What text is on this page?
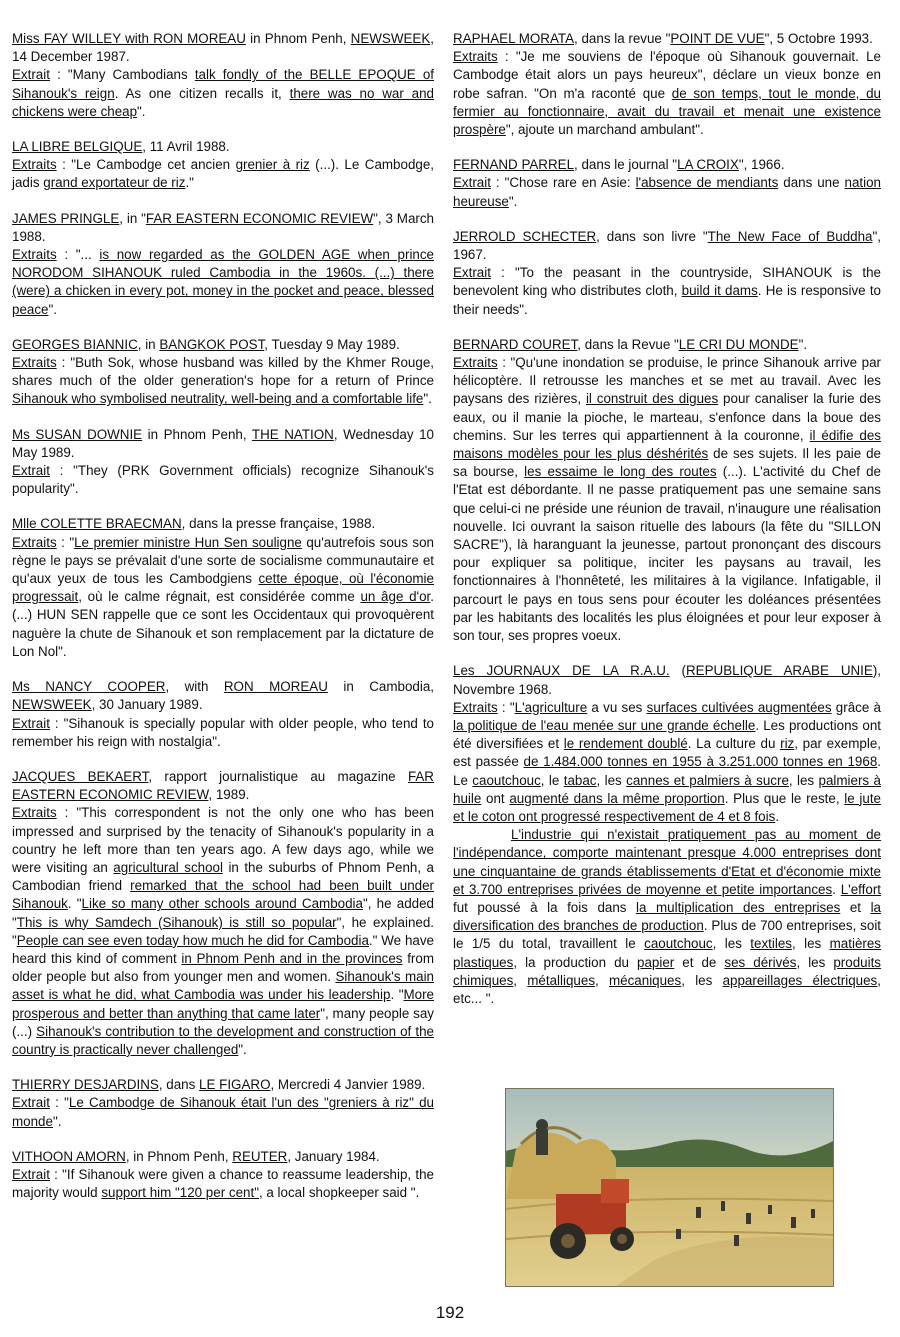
Miss FAY WILLEY with RON MOREAU in Phnom Penh, NEWSWEEK, 14 December 1987.

Extrait : "Many Cambodians talk fondly of the BELLE EPOQUE of Sihanouk's reign. As one citizen recalls it, there was no war and chickens were cheap".

LA LIBRE BELGIQUE, 11 Avril 1988.

Extraits : "Le Cambodge cet ancien grenier à riz (...). Le Cambodge, jadis grand exportateur de riz."

JAMES PRINGLE, in "FAR EASTERN ECONOMIC REVIEW", 3 March 1988.

Extraits : "... is now regarded as the GOLDEN AGE when prince NORODOM SIHANOUK ruled Cambodia in the 1960s. (...) there (were) a chicken in every pot, money in the pocket and peace, blessed peace".

GEORGES BIANNIC, in BANGKOK POST, Tuesday 9 May 1989.

Extraits : "Buth Sok, whose husband was killed by the Khmer Rouge, shares much of the older generation's hope for a return of Prince Sihanouk who symbolised neutrality, well-being and a comfortable life".

Ms SUSAN DOWNIE in Phnom Penh, THE NATION, Wednesday 10 May 1989.

Extrait : "They (PRK Government officials) recognize Sihanouk's popularity".

Mlle COLETTE BRAECMAN, dans la presse française, 1988.

Extraits : "Le premier ministre Hun Sen souligne qu'autrefois sous son règne le pays se prévalait d'une sorte de socialisme communautaire et qu'aux yeux de tous les Cambodgiens cette époque, où l'économie progressait, où le calme régnait, est considérée comme un âge d'or. (...) HUN SEN rappelle que ce sont les Occidentaux qui provoquèrent naguère la chute de Sihanouk et son remplacement par la dictature de Lon Nol".

Ms NANCY COOPER, with RON MOREAU in Cambodia, NEWSWEEK, 30 January 1989.

Extrait : "Sihanouk is specially popular with older people, who tend to remember his reign with nostalgia".

JACQUES BEKAERT, rapport journalistique au magazine FAR EASTERN ECONOMIC REVIEW, 1989.

Extraits : "This correspondent is not the only one who has been impressed and surprised by the tenacity of Sihanouk's popularity in a country he left more than ten years ago. A few days ago, while we were visiting an agricultural school in the suburbs of Phnom Penh, a Cambodian friend remarked that the school had been built under Sihanouk. "Like so many other schools around Cambodia", he added "This is why Samdech (Sihanouk) is still so popular", he explained. "People can see even today how much he did for Cambodia." We have heard this kind of comment in Phnom Penh and in the provinces from older people but also from younger men and women. Sihanouk's main asset is what he did, what Cambodia was under his leadership. "More prosperous and better than anything that came later", many people say (...) Sihanouk's contribution to the development and construction of the country is practically never challenged".

THIERRY DESJARDINS, dans LE FIGARO, Mercredi 4 Janvier 1989.

Extrait : "Le Cambodge de Sihanouk était l'un des "greniers à riz" du monde".

VITHOON AMORN, in Phnom Penh, REUTER, January 1984.

Extrait : "If Sihanouk were given a chance to reassume leadership, the majority would support him "120 per cent", a local shopkeeper said ".

RAPHAEL MORATA, dans la revue "POINT DE VUE", 5 Octobre 1993.

Extraits : "Je me souviens de l'époque où Sihanouk gouvernait. Le Cambodge était alors un pays heureux", déclare un vieux bonze en robe safran. "On m'a raconté que de son temps, tout le monde, du fermier au fonctionnaire, avait du travail et menait une existence prospère", ajoute un marchand ambulant".

FERNAND PARREL, dans le journal "LA CROIX", 1966.

Extrait : "Chose rare en Asie: l'absence de mendiants dans une nation heureuse".

JERROLD SCHECTER, dans son livre "The New Face of Buddha", 1967.

Extrait : "To the peasant in the countryside, SIHANOUK is the benevolent king who distributes cloth, build it dams. He is responsive to their needs".

BERNARD COURET, dans la Revue "LE CRI DU MONDE".

Extraits : "Qu'une inondation se produise, le prince Sihanouk arrive par hélicoptère. Il retrousse les manches et se met au travail. Avec les paysans des rizières, il construit des digues pour canaliser la furie des eaux, ou il manie la pioche, le marteau, s'enfonce dans la boue des chemins. Sur les terres qui appartiennent à la couronne, il édifie des maisons modèles pour les plus déshérités de ses sujets. Il les paie de sa bourse, les essaime le long des routes (...). L'activité du Chef de l'Etat est débordante. Il ne passe pratiquement pas une semaine sans que celui-ci ne préside une réunion de travail, n'inaugure une réalisation nouvelle. Ici ouvrant la saison rituelle des labours (la fête du "SILLON SACRE"), là haranguant la jeunesse, partout prononçant des discours pour expliquer sa politique, inciter les paysans au travail, les fonctionnaires à l'honnêteté, les militaires à la vigilance. Infatigable, il parcourt le pays en tous sens pour écouter les doléances présentées par les habitants des localités les plus éloignées et pour leur exposer à son tour, ses propres voeux.

Les JOURNAUX DE LA R.A.U. (REPUBLIQUE ARABE UNIE), Novembre 1968.

Extraits : "L'agriculture a vu ses surfaces cultivées augmentées grâce à la politique de l'eau menée sur une grande échelle. Les productions ont été diversifiées et le rendement doublé. La culture du riz, par exemple, est passée de 1.484.000 tonnes en 1955 à 3.251.000 tonnes en 1968. Le caoutchouc, le tabac, les cannes et palmiers à sucre, les palmiers à huile ont augmenté dans la même proportion. Plus que le reste, le jute et le coton ont progressé respectivement de 4 et 8 fois.

L'industrie qui n'existait pratiquement pas au moment de l'indépendance, comporte maintenant presque 4.000 entreprises dont une cinquantaine de grands établissements d'Etat et d'économie mixte et 3.700 entreprises privées de moyenne et petite importances. L'effort fut poussé à la fois dans la multiplication des entreprises et la diversification des branches de production. Plus de 700 entreprises, soit le 1/5 du total, travaillent le caoutchouc, les textiles, les matières plastiques, la production du papier et de ses dérivés, les produits chimiques, métalliques, mécaniques, les appareillages électriques, etc... ".

192
